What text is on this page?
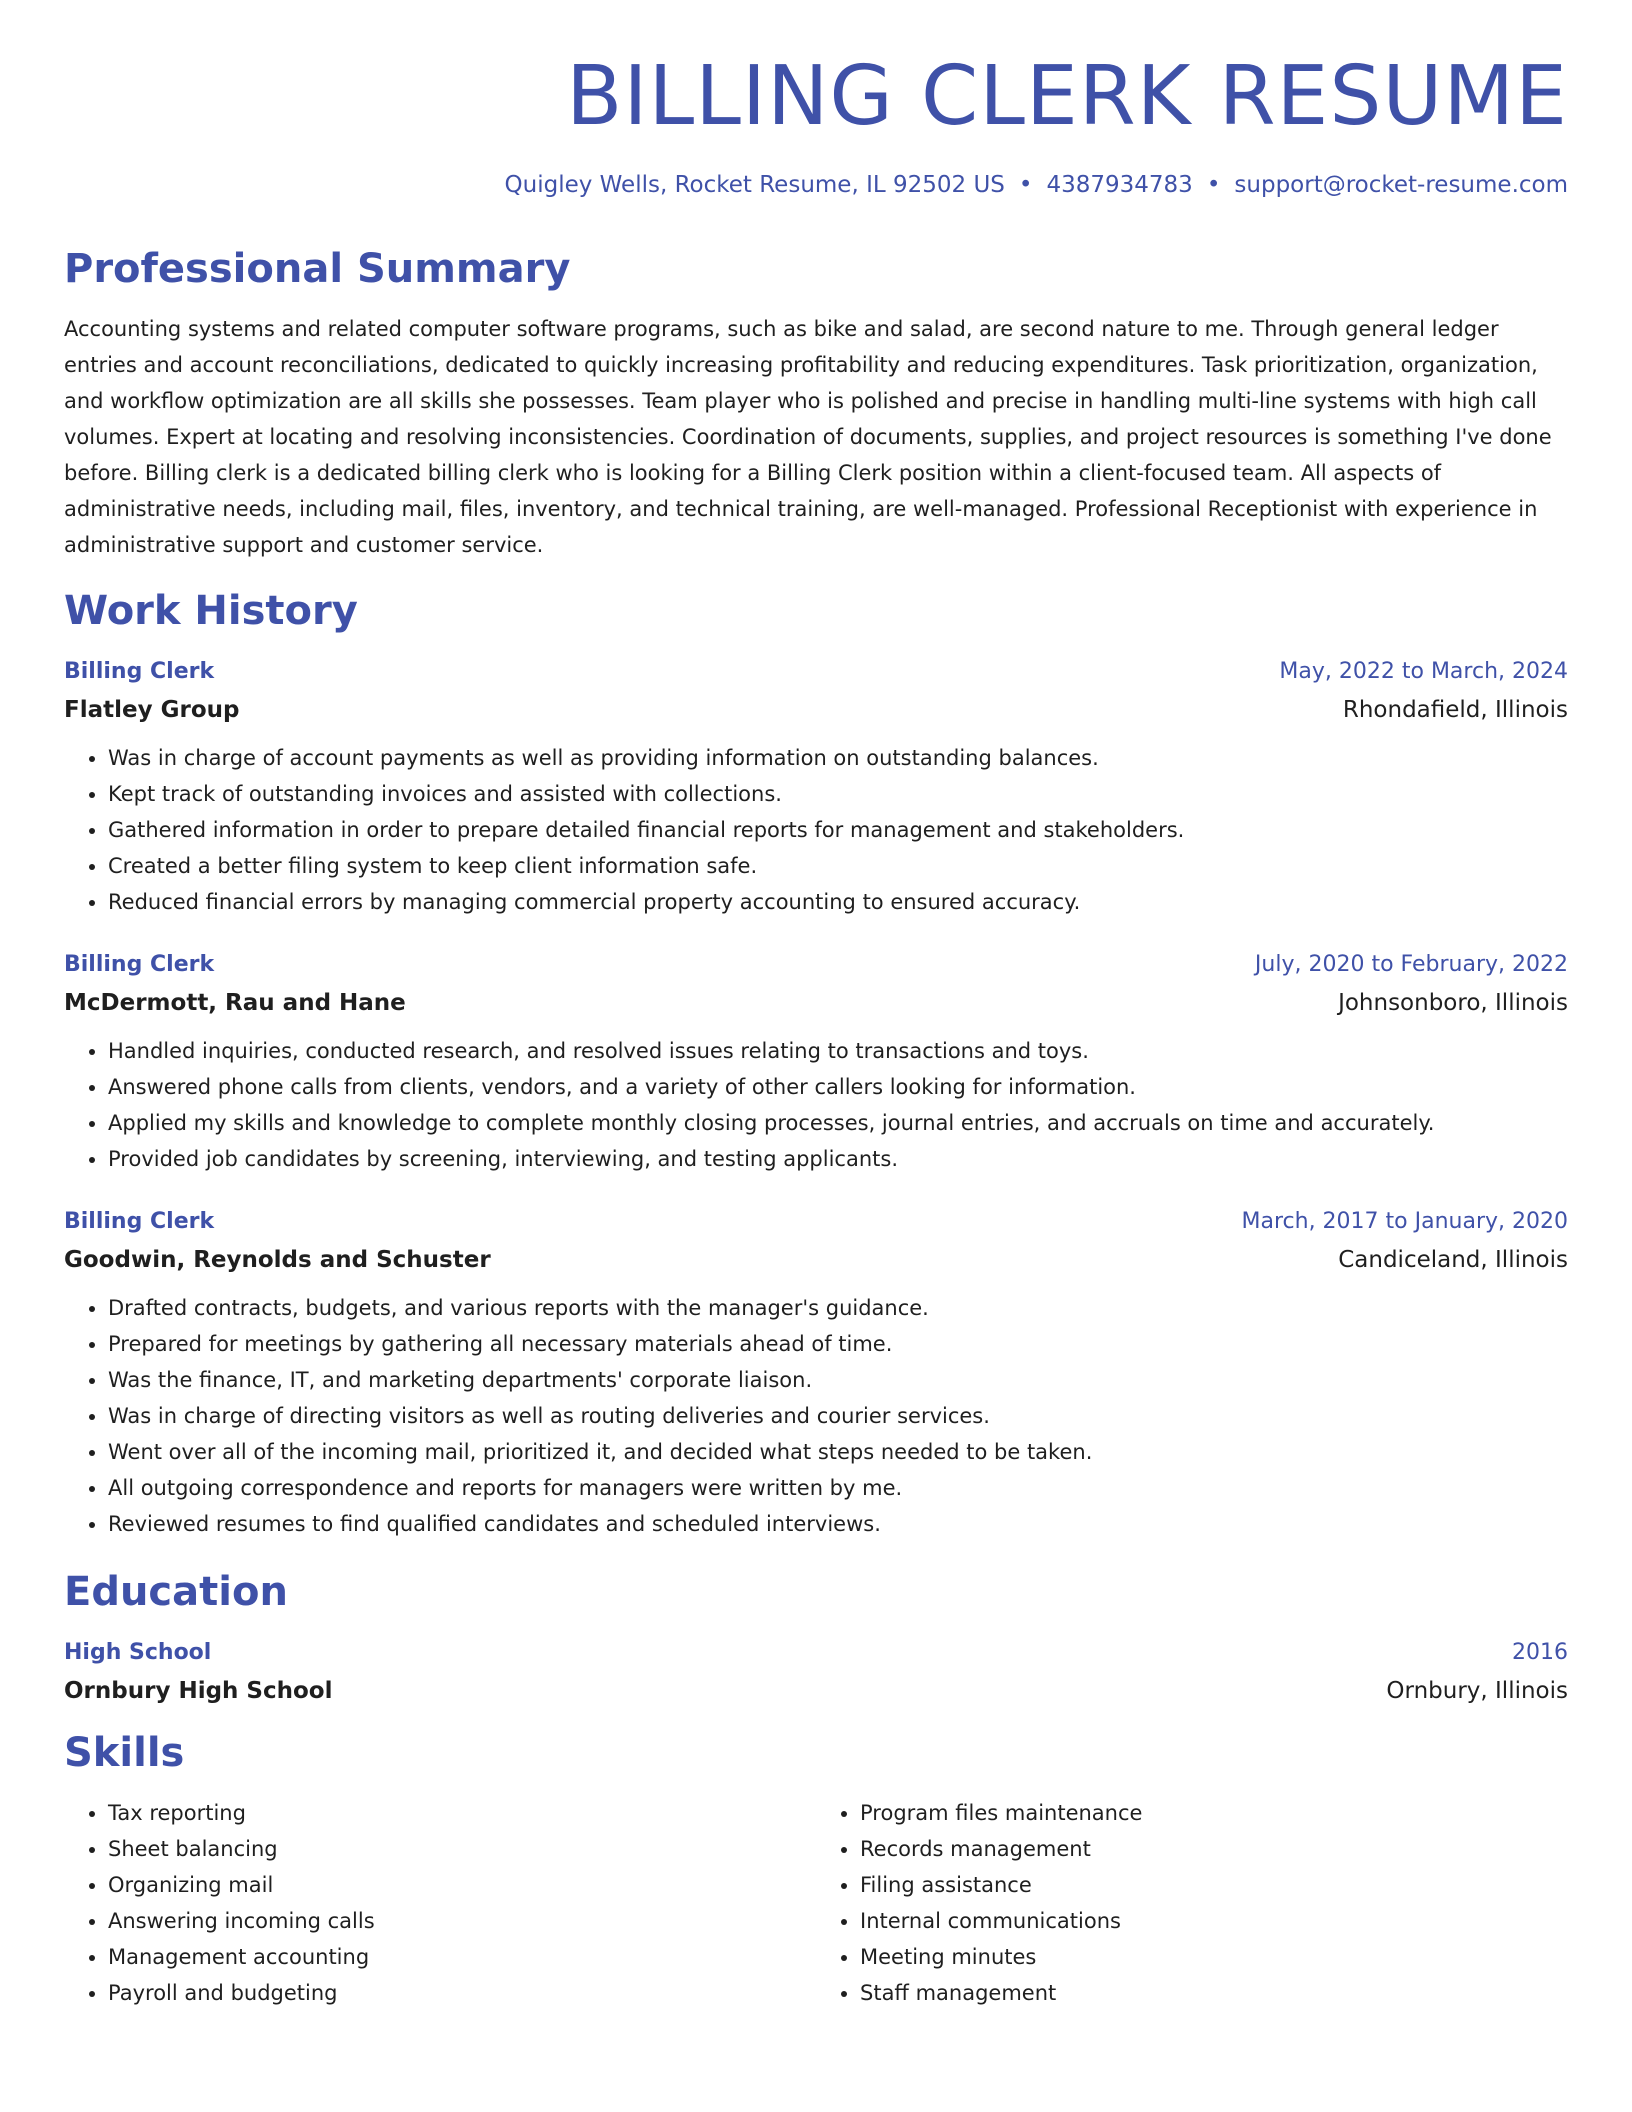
BILLING CLERK RESUME
Quigley Wells, Rocket Resume, IL 92502 US • 4387934783 • support@rocket-resume.com
Professional Summary
Accounting systems and related computer software programs, such as bike and salad, are second nature to me. Through general ledger entries and account reconciliations, dedicated to quickly increasing profitability and reducing expenditures. Task prioritization, organization, and workflow optimization are all skills she possesses. Team player who is polished and precise in handling multi-line systems with high call volumes. Expert at locating and resolving inconsistencies. Coordination of documents, supplies, and project resources is something I've done before. Billing clerk is a dedicated billing clerk who is looking for a Billing Clerk position within a client-focused team. All aspects of administrative needs, including mail, files, inventory, and technical training, are well-managed. Professional Receptionist with experience in administrative support and customer service.
Work History
Billing Clerk	May, 2022 to March, 2024
Flatley Group	Rhondafield, Illinois
• Was in charge of account payments as well as providing information on outstanding balances.
• Kept track of outstanding invoices and assisted with collections.
• Gathered information in order to prepare detailed financial reports for management and stakeholders.
• Created a better filing system to keep client information safe.
• Reduced financial errors by managing commercial property accounting to ensured accuracy.
Billing Clerk	July, 2020 to February, 2022
McDermott, Rau and Hane	Johnsonboro, Illinois
• Handled inquiries, conducted research, and resolved issues relating to transactions and toys.
• Answered phone calls from clients, vendors, and a variety of other callers looking for information.
• Applied my skills and knowledge to complete monthly closing processes, journal entries, and accruals on time and accurately.
• Provided job candidates by screening, interviewing, and testing applicants.
Billing Clerk	March, 2017 to January, 2020
Goodwin, Reynolds and Schuster	Candiceland, Illinois
• Drafted contracts, budgets, and various reports with the manager's guidance.
• Prepared for meetings by gathering all necessary materials ahead of time.
• Was the finance, IT, and marketing departments' corporate liaison.
• Was in charge of directing visitors as well as routing deliveries and courier services.
• Went over all of the incoming mail, prioritized it, and decided what steps needed to be taken.
• All outgoing correspondence and reports for managers were written by me.
• Reviewed resumes to find qualified candidates and scheduled interviews.
Education
High School	2016
Ornbury High School	Ornbury, Illinois
Skills
• Tax reporting
• Sheet balancing
• Organizing mail
• Answering incoming calls
• Management accounting
• Payroll and budgeting
• Program files maintenance
• Records management
• Filing assistance
• Internal communications
• Meeting minutes
• Staff management
